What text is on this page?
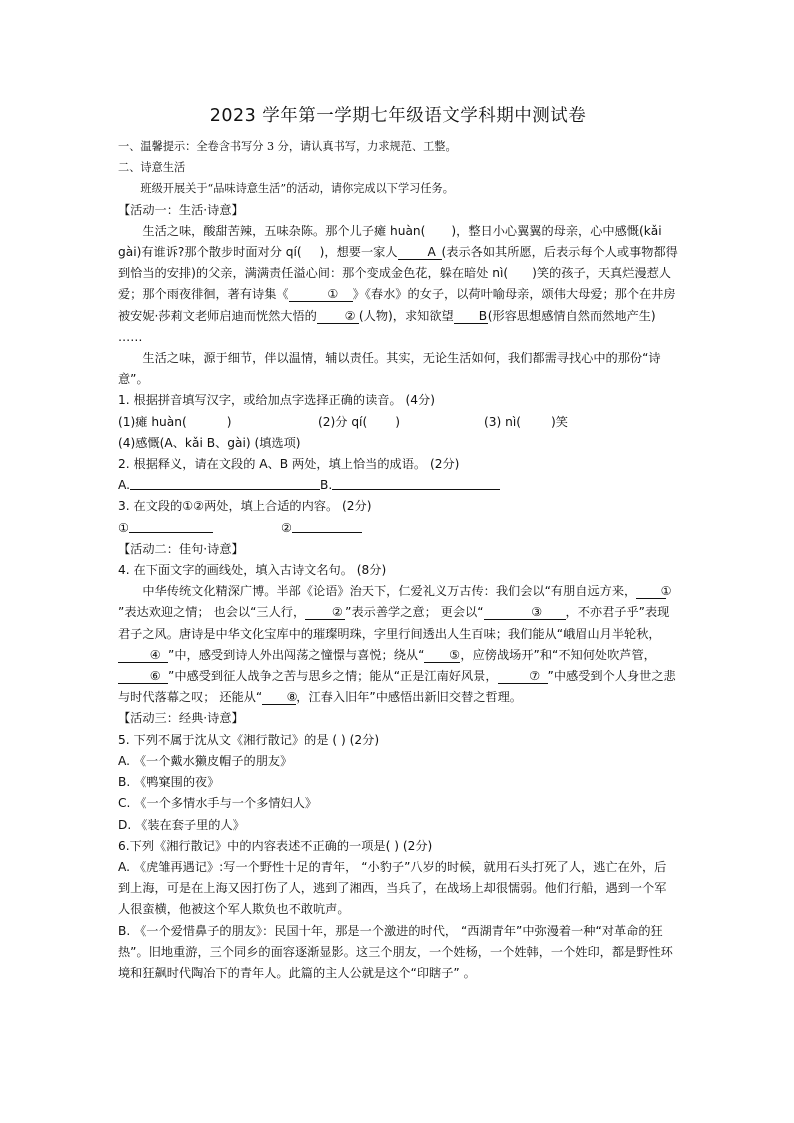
2023 学年第一学期七年级语文学科期中测试卷

一、温馨提示：全卷含书写分 3 分，请认真书写，力求规范、工整。

二、诗意生活

班级开展关于“品味诗意生活”的活动，请你完成以下学习任务。

【活动一：生活·诗意】

生活之味，酸甜苦辣，五味杂陈。那个儿子瘫 huàn( )，整日小心翼翼的母亲，心中感慨(kǎi gài)有谁诉?那个散步时面对分 qí( )，想要一家人 A (表示各如其所愿，后表示每个人或事物都得到恰当的安排)的父亲，满满责任溢心间：那个变成金色花，躲在暗处 nì( )笑的孩子，天真烂漫惹人爱；那个雨夜徘徊，著有诗集《	① 》《春水》的女子，以荷叶喻母亲，颂伟大母爱；那个在井房被安妮·莎莉文老师启迪而恍然大悟的 ② (人物)，求知欲望 B(形容思想感情自然而然地产生) ……

生活之味，源于细节，伴以温情，辅以责任。其实，无论生活如何，我们都需寻找心中的那份“诗意”。

1. 根据拼音填写汉字，或给加点字选择正确的读音。 (4分)

(1)瘫 huàn(	)	(2)分 qí( )	(3) nì( )笑

(4)感慨(A、kǎi B、gài) (填选项)

2. 根据释义，请在文段的 A、B 两处，填上恰当的成语。 (2分)

A.	B.

3. 在文段的①②两处，填上合适的内容。 (2分)

①	②

【活动二：佳句·诗意】

4. 在下面文字的画线处，填入古诗文名句。 (8分)

中华传统文化精深广博。半部《论语》治天下，仁爱礼义万古传：我们会以“有朋自远方来， ①”表达欢迎之情； 也会以“三人行， ② ”表示善学之意； 更会以“	③ ，不亦君子乎”表现君子之风。唐诗是中华文化宝库中的璀璨明珠，字里行间透出人生百味；我们能从“峨眉山月半轮秋，④ ”中，感受到诗人外出闯荡之憧憬与喜悦；绕从“ ⑤，应傍战场开”和“不知何处吹芦管，⑥ ”中感受到征人战争之苦与思乡之情；能从“正是江南好风景，	⑦ ”中感受到个人身世之悲与时代落幕之叹； 还能从“ ⑧，江春入旧年”中感悟出新旧交替之哲理。

【活动三：经典·诗意】

5. 下列不属于沈从文《湘行散记》的是 ( ) (2分)

A. 《一个戴水獭皮帽子的朋友》

B. 《鸭窠围的夜》

C. 《一个多情水手与一个多情妇人》

D. 《装在套子里的人》

6.下列《湘行散记》中的内容表述不正确的一项是( ) (2分)

A. 《虎雏再遇记》:写一个野性十足的青年， “小豹子”八岁的时候，就用石头打死了人，逃亡在外，后到上海，可是在上海又因打伤了人，逃到了湘西，当兵了，在战场上却很懦弱。他们行船，遇到一个军人很蛮横，他被这个军人欺负也不敢吭声。

B. 《一个爱惜鼻子的朋友》：民国十年，那是一个激进的时代， “西湖青年”中弥漫着一种“对革命的狂热”。旧地重游，三个同乡的面容逐渐显影。这三个朋友，一个姓杨，一个姓韩，一个姓印，都是野性环境和狂飙时代陶冶下的青年人。此篇的主人公就是这个“印瞎子” 。
